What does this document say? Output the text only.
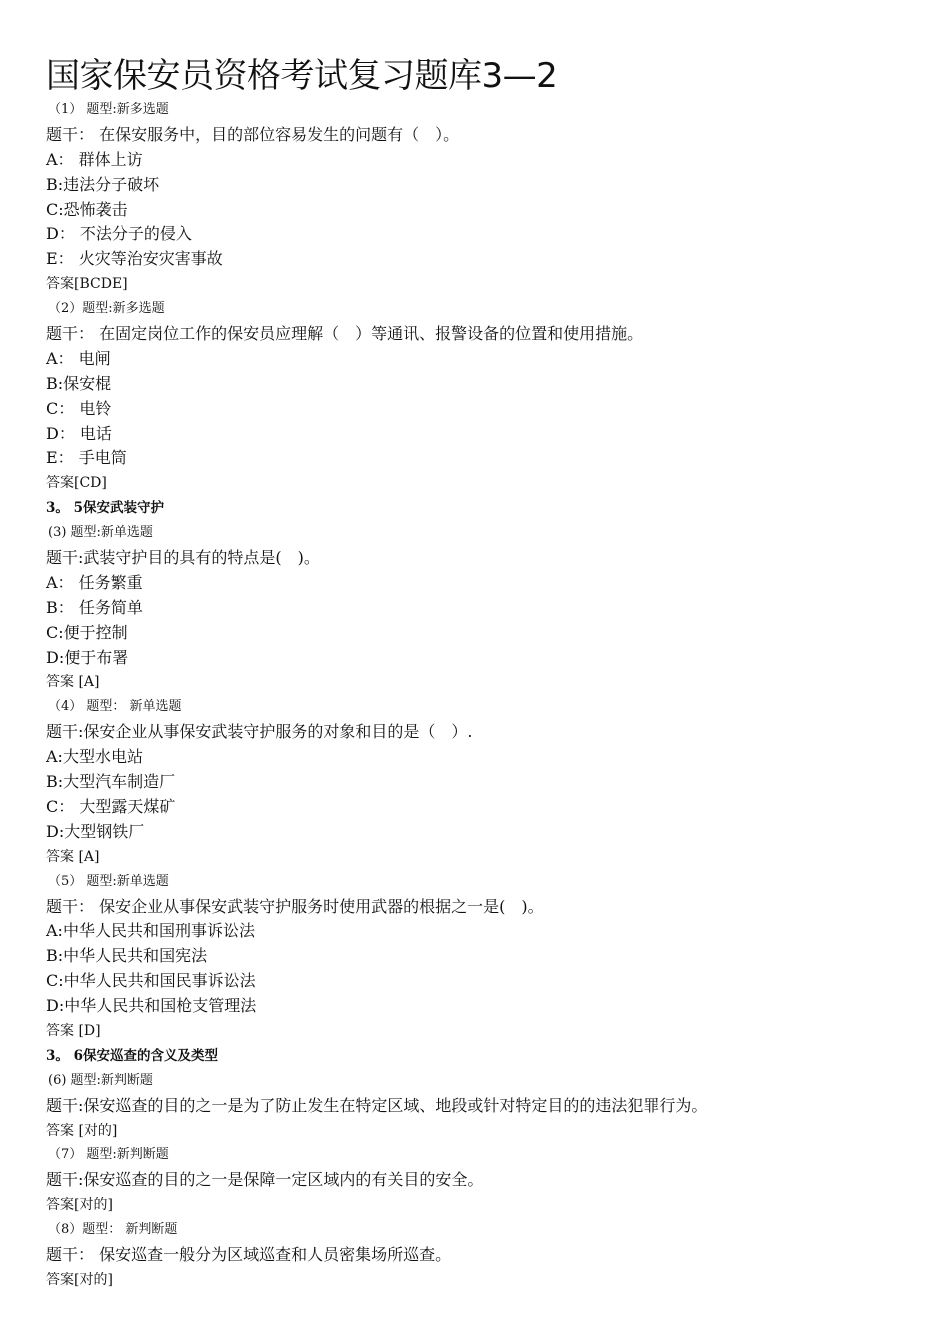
国家保安员资格考试复习题库3—2
（1） 题型:新多选题
题干： 在保安服务中，目的部位容易发生的问题有（　）。
A： 群体上访
B:违法分子破坏
C:恐怖袭击
D： 不法分子的侵入
E： 火灾等治安灾害事故
答案[BCDE]
（2）题型:新多选题
题干： 在固定岗位工作的保安员应理解（　）等通讯、报警设备的位置和使用措施。
A： 电闸
B:保安棍
C： 电铃
D： 电话
E： 手电筒
答案[CD]
3。 5保安武装守护
(3) 题型:新单选题
题干:武装守护目的具有的特点是(　)。
A： 任务繁重
B： 任务简单
C:便于控制
D:便于布署
答案 [A]
（4） 题型： 新单选题
题干:保安企业从事保安武装守护服务的对象和目的是（　）.
A:大型水电站
B:大型汽车制造厂
C： 大型露天煤矿
D:大型钢铁厂
答案 [A]
（5） 题型:新单选题
题干： 保安企业从事保安武装守护服务时使用武器的根据之一是(　)。
A:中华人民共和国刑事诉讼法
B:中华人民共和国宪法
C:中华人民共和国民事诉讼法
D:中华人民共和国枪支管理法
答案 [D]
3。 6保安巡查的含义及类型
(6) 题型:新判断题
题干:保安巡查的目的之一是为了防止发生在特定区域、地段或针对特定目的的违法犯罪行为。
答案 [对的]
（7） 题型:新判断题
题干:保安巡查的目的之一是保障一定区域内的有关目的安全。
答案[对的]
（8）题型： 新判断题
题干： 保安巡查一般分为区域巡查和人员密集场所巡查。
答案[对的]
